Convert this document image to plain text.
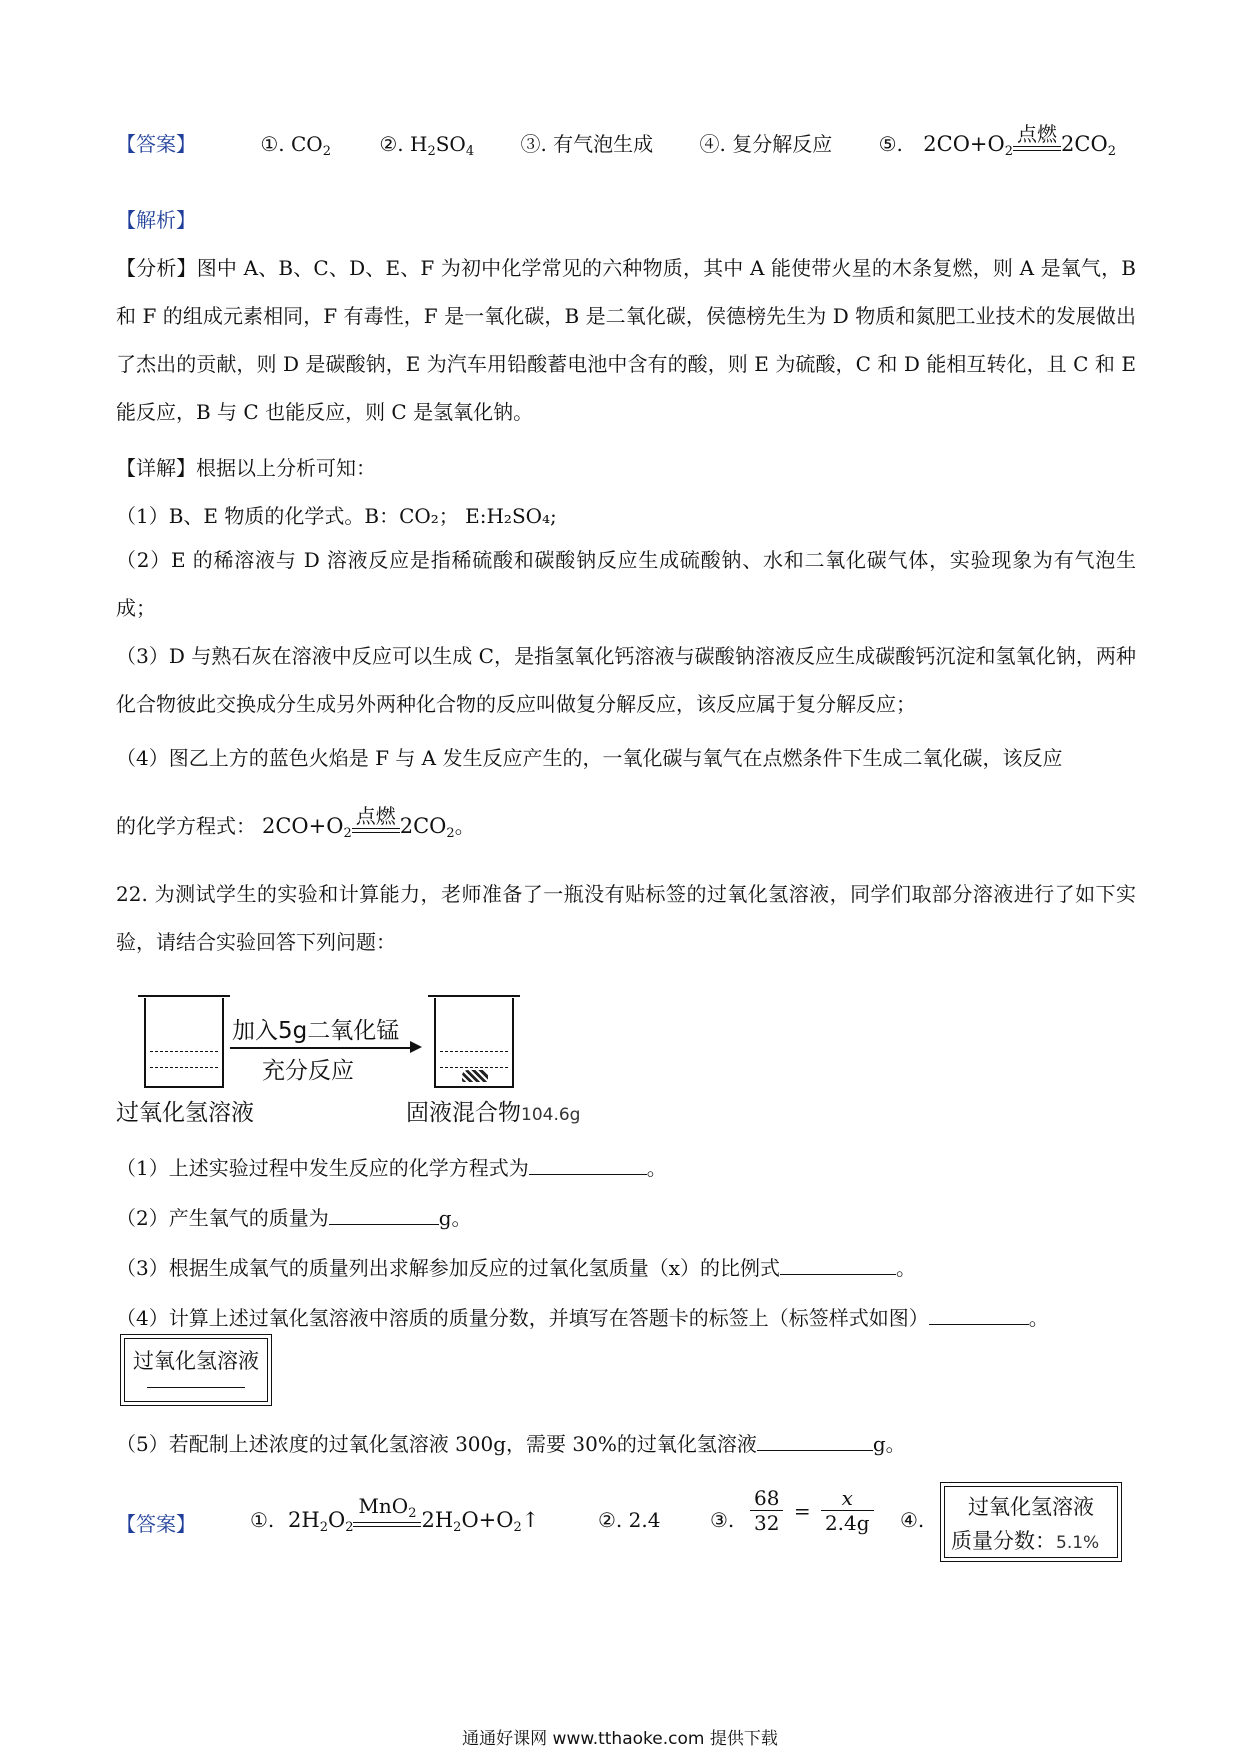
【答案】	①. $CO_2$ ②. $H_2SO_4$ ③. 有气泡生成 ④. 复分解反应 ⑤. $2CO+O_2$
点燃 $2CO_2$
【解析】

【分析】图中 A、B、C、D、E、F 为初中化学常见的六种物质，其中 A 能使带火星的木条复燃，则 A 是氧气，B 和 F 的组成元素相同，F 有毒性，F 是一氧化碳，B 是二氧化碳，侯德榜先生为 D 物质和氮肥工业技术的发展做出了杰出的贡献，则 D 是碳酸钠，E 为汽车用铅酸蓄电池中含有的酸，则 E 为硫酸，C 和 D 能相互转化，且 C 和 E 能反应，B 与 C 也能反应，则 C 是氢氧化钠。

【详解】根据以上分析可知：
（1）B、E 物质的化学式。B：CO₂； E:H₂SO₄;

（2）E 的稀溶液与 D 溶液反应是指稀硫酸和碳酸钠反应生成硫酸钠、水和二氧化碳气体，实验现象为有气泡生成；

（3）D 与熟石灰在溶液中反应可以生成 C，是指氢氧化钙溶液与碳酸钠溶液反应生成碳酸钙沉淀和氢氧化钠，两种化合物彼此交换成分生成另外两种化合物的反应叫做复分解反应，该反应属于复分解反应；

（4）图乙上方的蓝色火焰是 F 与 A 发生反应产生的，一氧化碳与氧气在点燃条件下生成二氧化碳，该反应
的化学方程式： $2CO+O_2$
点燃 $2CO_2$。

22. 为测试学生的实验和计算能力，老师准备了一瓶没有贴标签的过氧化氢溶液，同学们取部分溶液进行了如下实验，请结合实验回答下列问题：

加入5g二氧化锰
充分反应
过氧化氢溶液	固液混合物104.6g
（1）上述实验过程中发生反应的化学方程式为	。
（2）产生氧气的质量为	g。
（3）根据生成氧气的质量列出求解参加反应的过氧化氢质量（x）的比例式	。
（4）计算上述过氧化氢溶液中溶质的质量分数，并填写在答题卡的标签上（标签样式如图）	。
过氧化氢溶液
（5）若配制上述浓度的过氧化氢溶液 300g，需要 30%的过氧化氢溶液	g。
【答案】	①. $2H_2O_2$
MnO$_2$ $2H_2O+O_2↑$	②. 2.4 ③. $\frac{68}{32} = \frac{x}{2.4g}$ ④.
过氧化氢溶液
质量分数：5.1%
通通好课网 www.tthaoke.com 提供下载
